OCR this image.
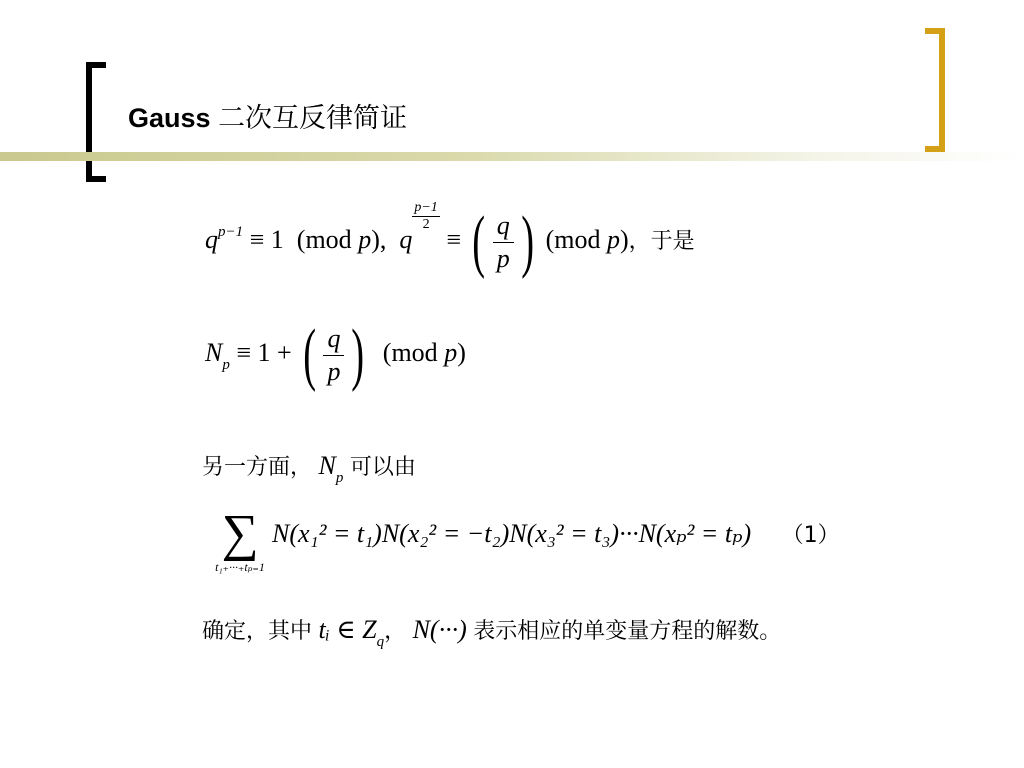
Gauss 二次互反律简证
$q^{p-1} \equiv 1$ (mod p), q
$\frac{p-1}{2}$
≡ ( $\frac{q}{p}$ ) (mod p)，于是
$N_p \equiv 1$ + ( $\frac{q}{p}$ ) (mod p)
另一方面， $N_p$ 可以由
∑
t₁₊···₊tₚ₌1
N(x₁² = t₁)N(x₂² = −t₂)N(x₃² = t₃)···N(xₚ² = tₚ) （1）
确定，其中 tᵢ ∈ $Z_q$， N(···) 表示相应的单变量方程的解数。
